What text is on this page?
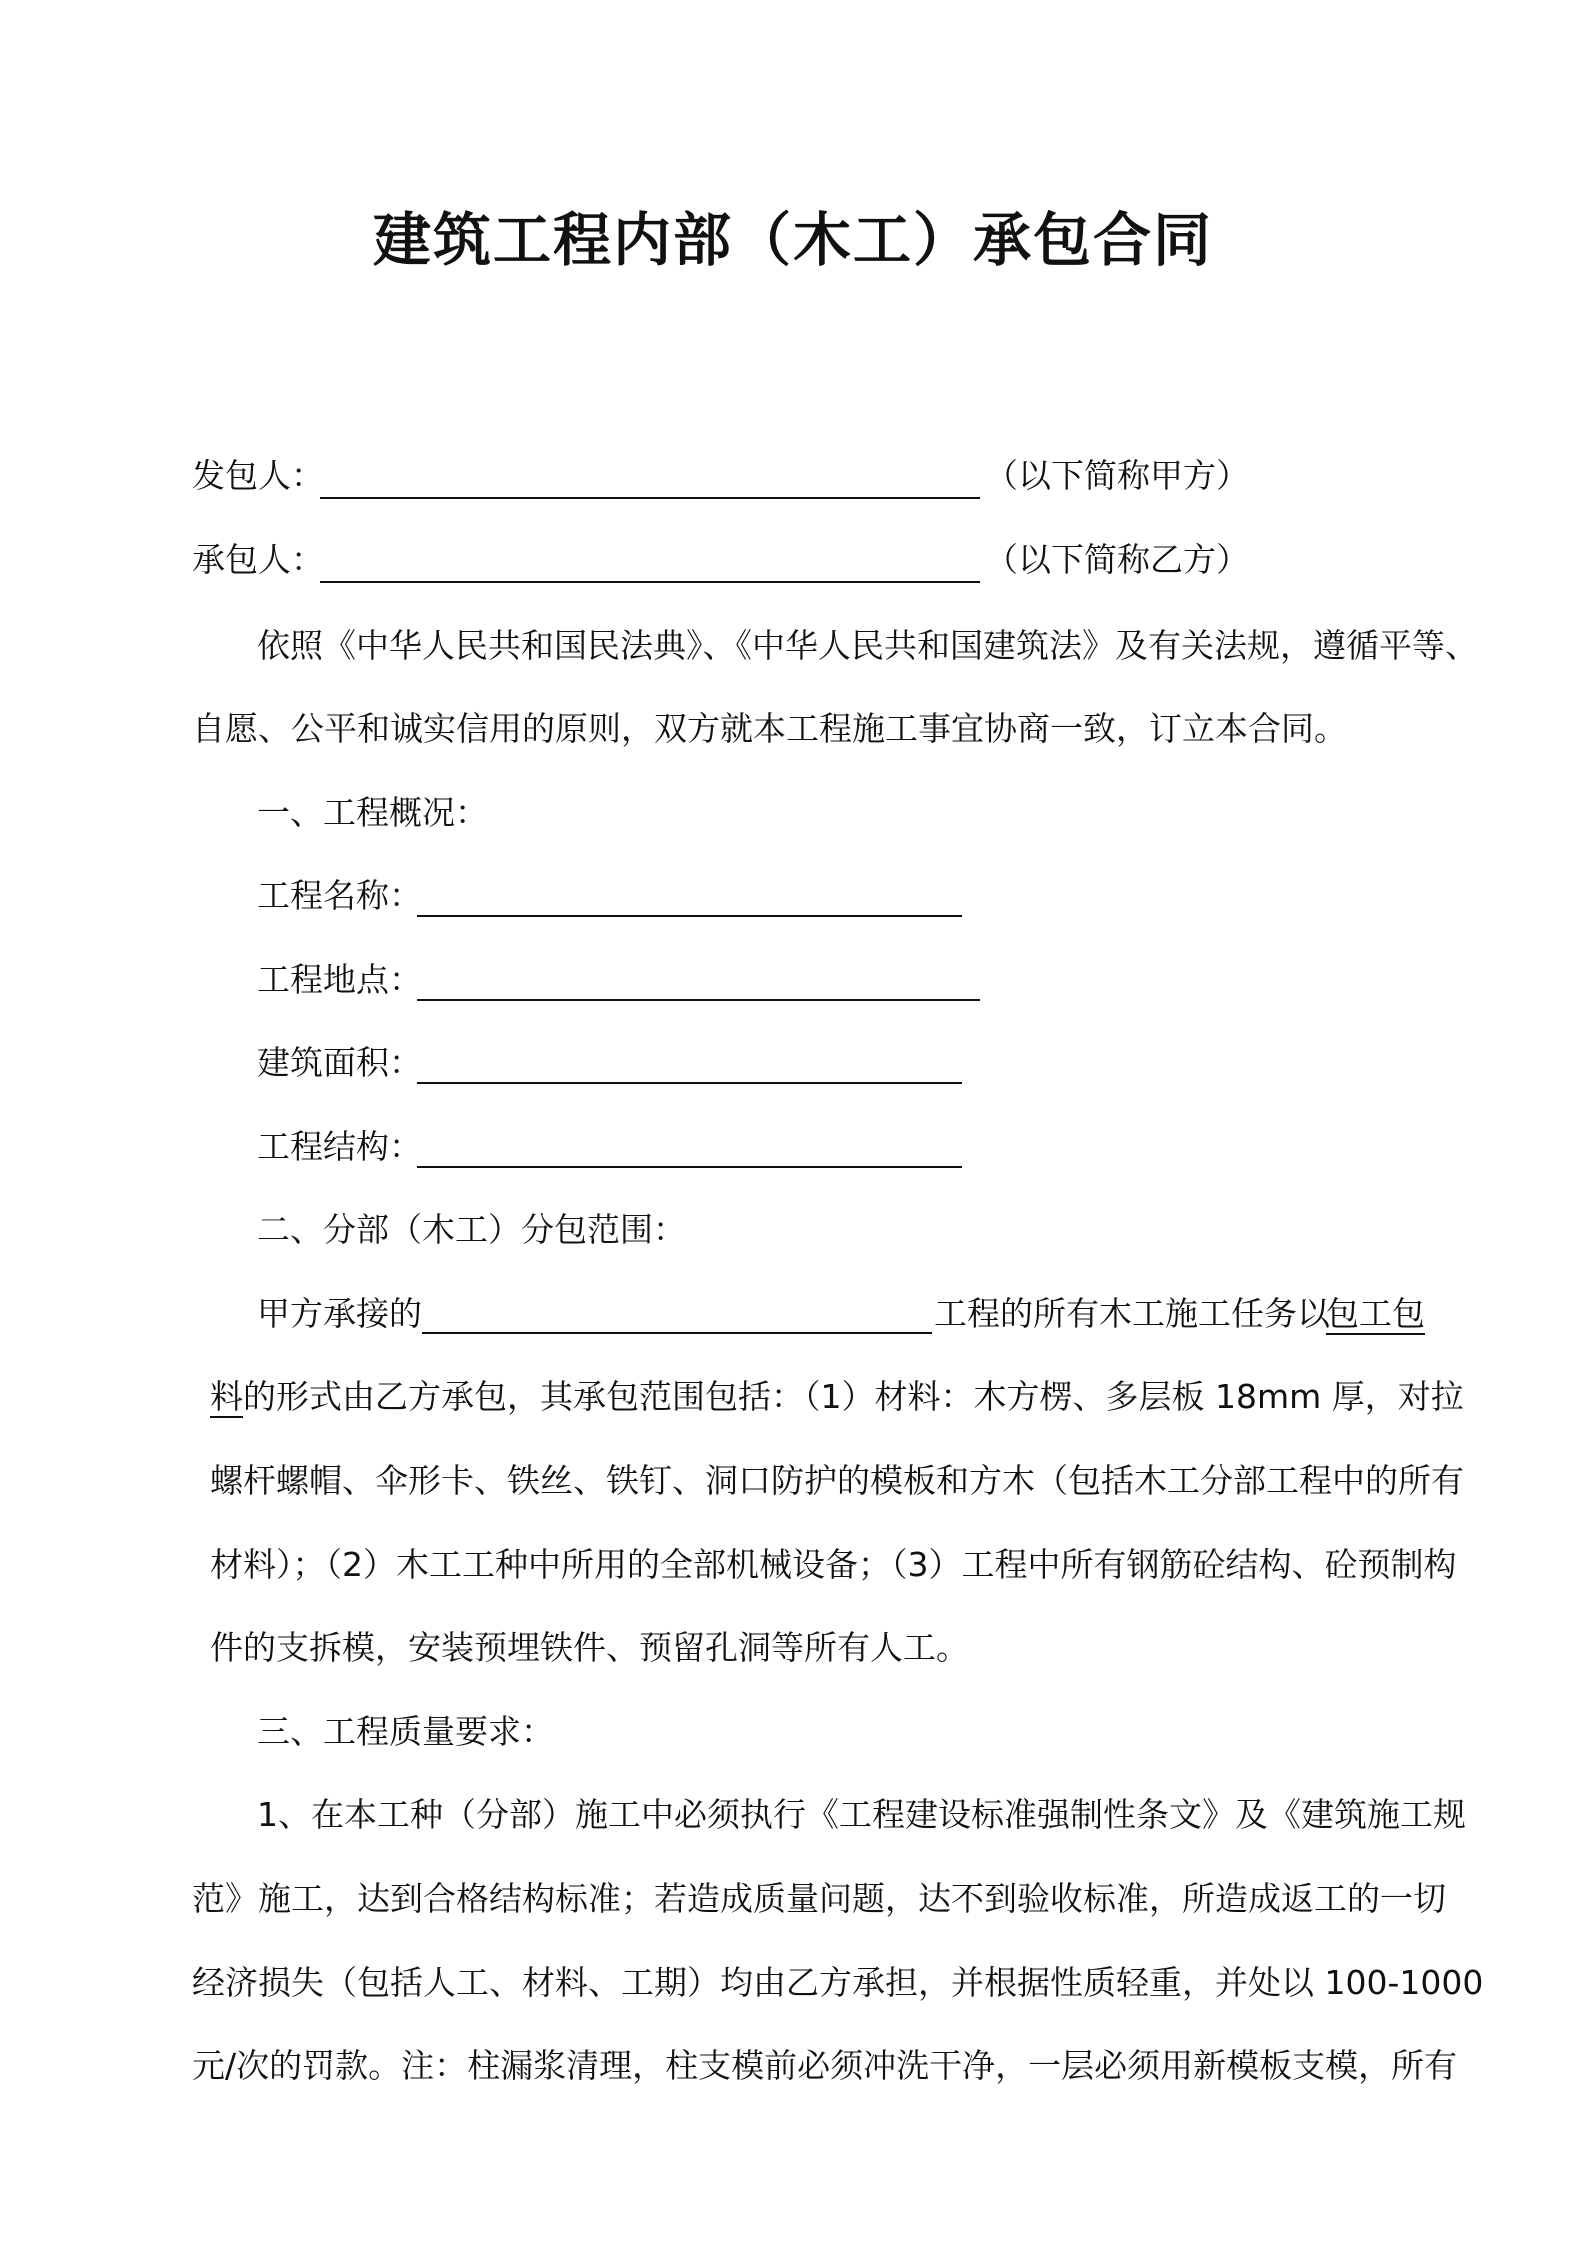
建筑工程内部（木工）承包合同
发包人：	（以下简称甲方）
承包人：	（以下简称乙方）
依照《中华人民共和国民法典》、《中华人民共和国建筑法》及有关法规，遵循平等、
自愿、公平和诚实信用的原则，双方就本工程施工事宜协商一致，订立本合同。
一、工程概况：
工程名称：
工程地点：
建筑面积：
工程结构：
二、分部（木工）分包范围：
甲方承接的	工程的所有木工施工任务以
包工包
料的形式由乙方承包，其承包范围包括：（1）材料：木方楞、多层板 18mm 厚，对拉
螺杆螺帽、伞形卡、铁丝、铁钉、洞口防护的模板和方木（包括木工分部工程中的所有
材料）；（2）木工工种中所用的全部机械设备；（3）工程中所有钢筋砼结构、砼预制构
件的支拆模，安装预埋铁件、预留孔洞等所有人工。
三、工程质量要求：
1、在本工种（分部）施工中必须执行《工程建设标准强制性条文》及《建筑施工规
范》施工，达到合格结构标准；若造成质量问题，达不到验收标准，所造成返工的一切
经济损失（包括人工、材料、工期）均由乙方承担，并根据性质轻重，并处以 100-1000
元/次的罚款。注：柱漏浆清理，柱支模前必须冲洗干净，一层必须用新模板支模，所有
